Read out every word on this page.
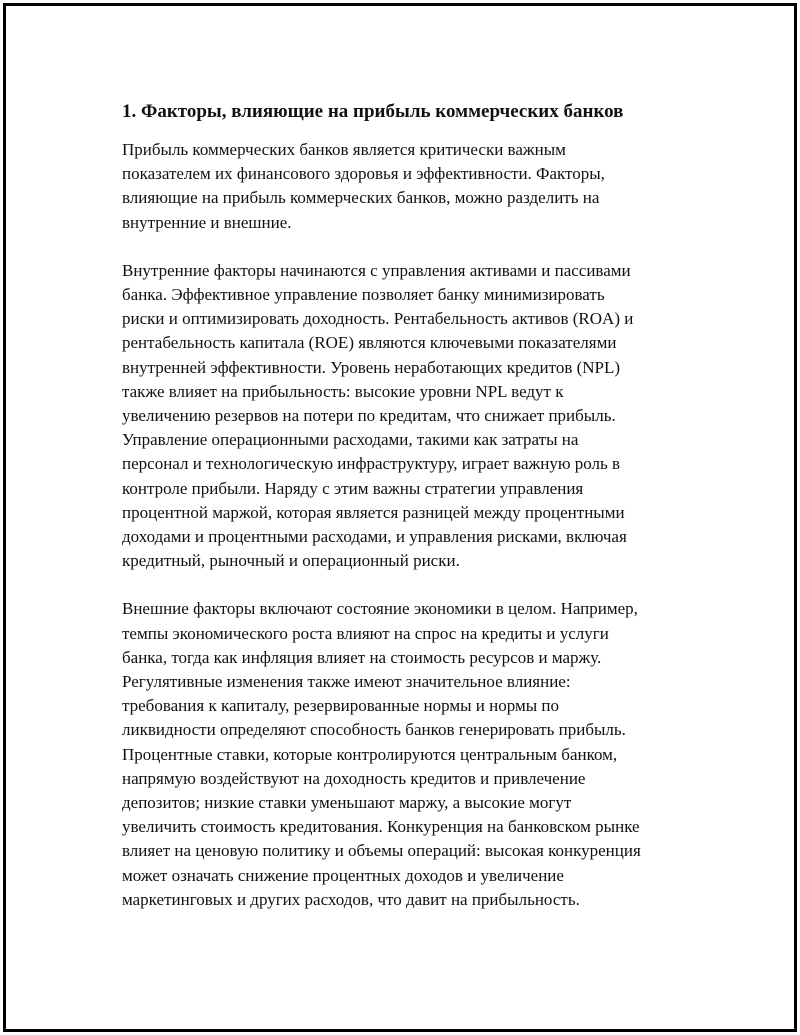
1. Факторы, влияющие на прибыль коммерческих банков

Прибыль коммерческих банков является критически важным
показателем их финансового здоровья и эффективности. Факторы,
влияющие на прибыль коммерческих банков, можно разделить на
внутренние и внешние.

Внутренние факторы начинаются с управления активами и пассивами
банка. Эффективное управление позволяет банку минимизировать
риски и оптимизировать доходность. Рентабельность активов (ROA) и
рентабельность капитала (ROE) являются ключевыми показателями
внутренней эффективности. Уровень неработающих кредитов (NPL)
также влияет на прибыльность: высокие уровни NPL ведут к
увеличению резервов на потери по кредитам, что снижает прибыль.
Управление операционными расходами, такими как затраты на
персонал и технологическую инфраструктуру, играет важную роль в
контроле прибыли. Наряду с этим важны стратегии управления
процентной маржой, которая является разницей между процентными
доходами и процентными расходами, и управления рисками, включая
кредитный, рыночный и операционный риски.

Внешние факторы включают состояние экономики в целом. Например,
темпы экономического роста влияют на спрос на кредиты и услуги
банка, тогда как инфляция влияет на стоимость ресурсов и маржу.
Регулятивные изменения также имеют значительное влияние:
требования к капиталу, резервированные нормы и нормы по
ликвидности определяют способность банков генерировать прибыль.
Процентные ставки, которые контролируются центральным банком,
напрямую воздействуют на доходность кредитов и привлечение
депозитов; низкие ставки уменьшают маржу, а высокие могут
увеличить стоимость кредитования. Конкуренция на банковском рынке
влияет на ценовую политику и объемы операций: высокая конкуренция
может означать снижение процентных доходов и увеличение
маркетинговых и других расходов, что давит на прибыльность.
